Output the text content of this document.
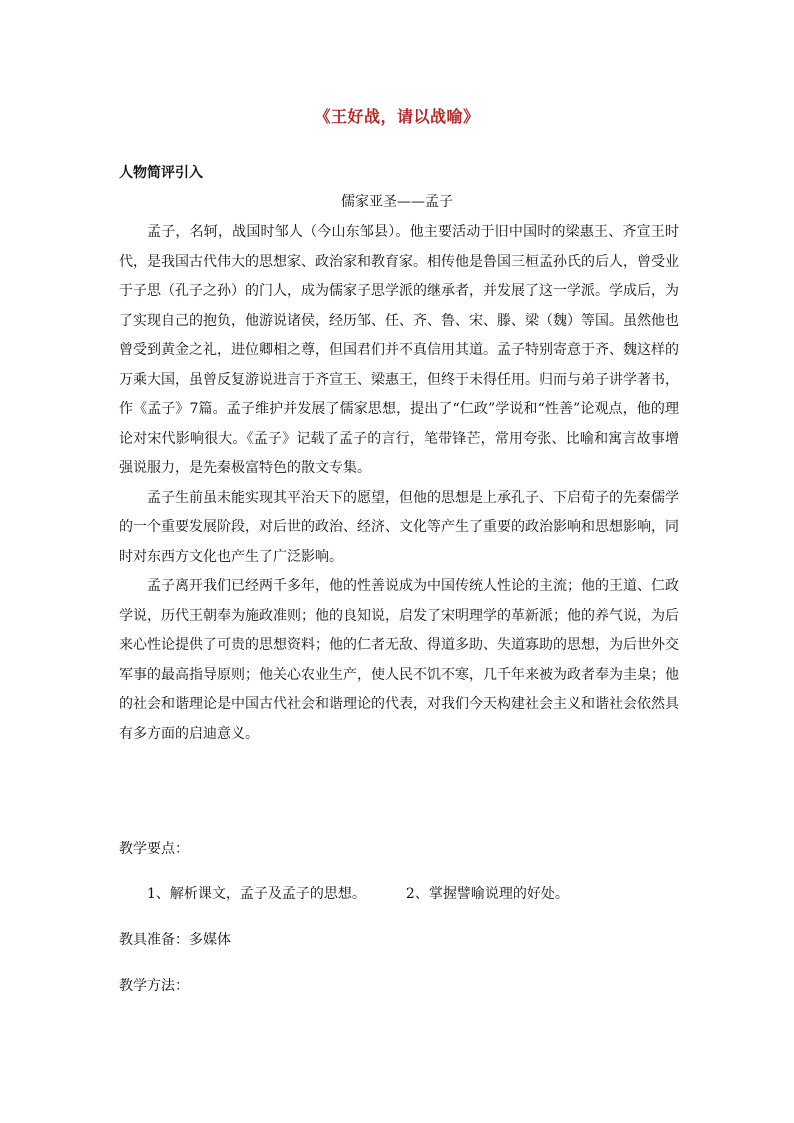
《王好战，请以战喻》
人物简评引入
儒家亚圣——孟子

孟子，名轲，战国时邹人（今山东邹县）。他主要活动于旧中国时的梁惠王、齐宣王时代，是我国古代伟大的思想家、政治家和教育家。相传他是鲁国三桓孟孙氏的后人，曾受业于子思（孔子之孙）的门人，成为儒家子思学派的继承者，并发展了这一学派。学成后，为了实现自己的抱负，他游说诸侯，经历邹、任、齐、鲁、宋、滕、梁（魏）等国。虽然他也曾受到黄金之礼，进位卿相之尊，但国君们并不真信用其道。孟子特别寄意于齐、魏这样的万乘大国，虽曾反复游说进言于齐宣王、梁惠王，但终于未得任用。归而与弟子讲学著书，作《孟子》7篇。孟子维护并发展了儒家思想，提出了“仁政”学说和“性善”论观点，他的理论对宋代影响很大。《孟子》记载了孟子的言行，笔带锋芒，常用夸张、比喻和寓言故事增强说服力，是先秦极富特色的散文专集。

孟子生前虽未能实现其平治天下的愿望，但他的思想是上承孔子、下启荀子的先秦儒学的一个重要发展阶段，对后世的政治、经济、文化等产生了重要的政治影响和思想影响，同时对东西方文化也产生了广泛影响。

孟子离开我们已经两千多年，他的性善说成为中国传统人性论的主流；他的王道、仁政学说，历代王朝奉为施政准则；他的良知说，启发了宋明理学的革新派；他的养气说，为后来心性论提供了可贵的思想资料；他的仁者无敌、得道多助、失道寡助的思想，为后世外交军事的最高指导原则；他关心农业生产，使人民不饥不寒，几千年来被为政者奉为圭臬；他的社会和谐理论是中国古代社会和谐理论的代表，对我们今天构建社会主义和谐社会依然具有多方面的启迪意义。

教学要点：
1、解析课文，孟子及孟子的思想。	2、掌握譬喻说理的好处。
教具准备：多媒体
教学方法：
